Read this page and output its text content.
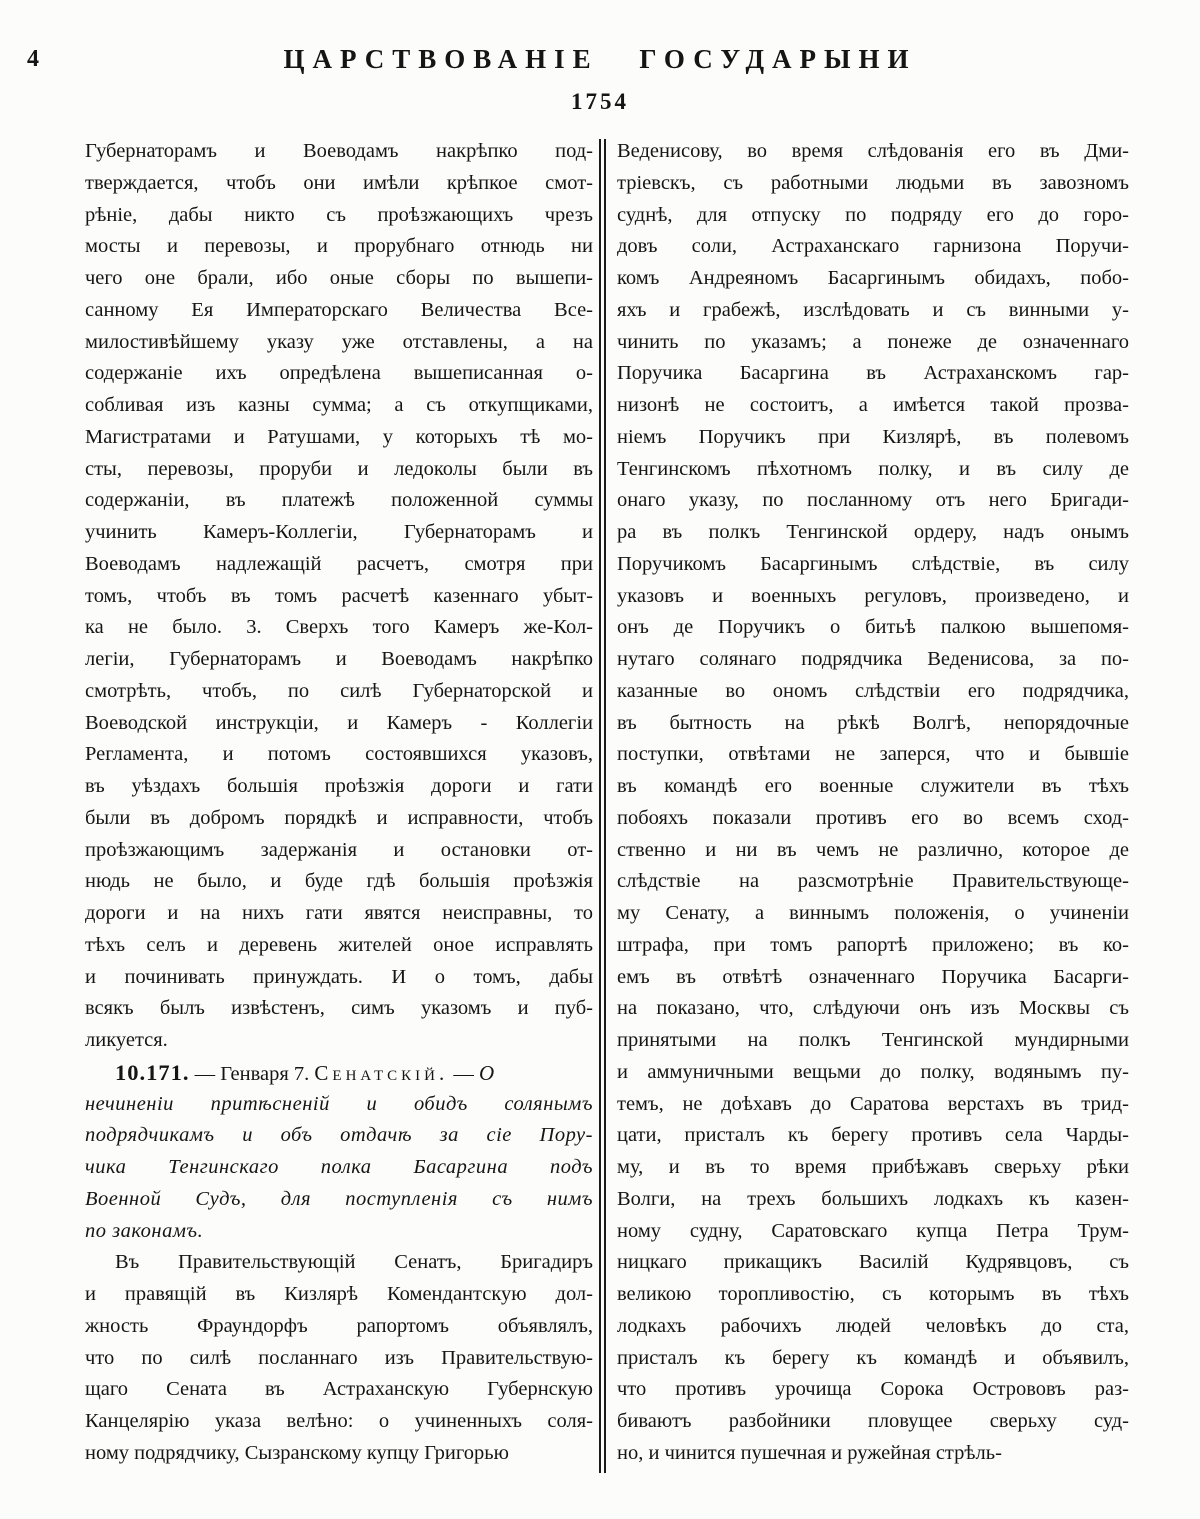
4	ЦАРСТВОВАНІЕ ГОСУДАРЫНИ
1754
Губернаторамъ и Воеводамъ накрѣпко под-
тверждается, чтобъ они имѣли крѣпкое смот-
рѣніе, дабы никто съ проѣзжающихъ чрезъ
мосты и перевозы, и прорубнаго отнюдь ни
чего оне брали, ибо оные сборы по вышепи-
санному Ея Императорскаго Величества Все-
милостивѣйшему указу уже отставлены, а на
содержаніе ихъ опредѣлена вышеписанная о-
собливая изъ казны сумма; а съ откупщиками,
Магистратами и Ратушами, у которыхъ тѣ мо-
сты, перевозы, проруби и ледоколы были въ
содержаніи, въ платежѣ положенной суммы
учинить Камеръ-Коллегіи, Губернаторамъ и
Воеводамъ надлежащій расчетъ, смотря при
томъ, чтобъ въ томъ расчетѣ казеннаго убыт-
ка не было. 3. Сверхъ того Камеръ же-Кол-
легіи, Губернаторамъ и Воеводамъ накрѣпко
смотрѣть, чтобъ, по силѣ Губернаторской и
Воеводской инструкціи, и Камеръ - Коллегіи
Регламента, и потомъ состоявшихся указовъ,
въ уѣздахъ большія проѣзжія дороги и гати
были въ добромъ порядкѣ и исправности, чтобъ
проѣзжающимъ задержанія и остановки от-
нюдь не было, и буде гдѣ большія проѣзжія
дороги и на нихъ гати явятся неисправны, то
тѣхъ селъ и деревень жителей оное исправлять
и починивать принуждать. И о томъ, дабы
всякъ былъ извѣстенъ, симъ указомъ и пуб-
ликуется.
10.171. — Генваря 7. Сенатскій. — О
нечиненіи притѣсненій и обидъ солянымъ
подрядчикамъ и объ отдачѣ за сіе Пору-
чика Тенгинскаго полка Басаргина подъ
Военной Судъ, для поступленія съ нимъ
по законамъ.
Въ Правительствующій Сенатъ, Бригадиръ
и правящій въ Кизлярѣ Комендантскую дол-
жность Фраундорфъ рапортомъ объявлялъ,
что по силѣ посланнаго изъ Правительствую-
щаго Сената въ Астраханскую Губернскую
Канцелярію указа велѣно: о учиненныхъ соля-
ному подрядчику, Сызранскому купцу Григорью
Веденисову, во время слѣдованія его въ Дми-
тріевскъ, съ работными людьми въ завозномъ
суднѣ, для отпуску по подряду его до горо-
довъ соли, Астраханскаго гарнизона Поручи-
комъ Андреяномъ Басаргинымъ обидахъ, побо-
яхъ и грабежѣ, изслѣдовать и съ винными у-
чинить по указамъ; а понеже де означеннаго
Поручика Басаргина въ Астраханскомъ гар-
низонѣ не состоитъ, а имѣется такой прозва-
ніемъ Поручикъ при Кизлярѣ, въ полевомъ
Тенгинскомъ пѣхотномъ полку, и въ силу де
онаго указу, по посланному отъ него Бригади-
ра въ полкъ Тенгинской ордеру, надъ онымъ
Поручикомъ Басаргинымъ слѣдствіе, въ силу
указовъ и военныхъ регуловъ, произведено, и
онъ де Поручикъ о битьѣ палкою вышепомя-
нутаго солянаго подрядчика Веденисова, за по-
казанные во ономъ слѣдствіи его подрядчика,
въ бытность на рѣкѣ Волгѣ, непорядочные
поступки, отвѣтами не заперся, что и бывшіе
въ командѣ его военные служители въ тѣхъ
побояхъ показали противъ его во всемъ сход-
ственно и ни въ чемъ не различно, которое де
слѣдствіе на разсмотрѣніе Правительствующе-
му Сенату, а виннымъ положенія, о учиненіи
штрафа, при томъ рапортѣ приложено; въ ко-
емъ въ отвѣтѣ означеннаго Поручика Басарги-
на показано, что, слѣдуючи онъ изъ Москвы съ
принятыми на полкъ Тенгинской мундирными
и аммуничными вещьми до полку, водянымъ пу-
темъ, не доѣхавъ до Саратова верстахъ въ трид-
цати, присталъ къ берегу противъ села Чарды-
му, и въ то время прибѣжавъ сверьху рѣки
Волги, на трехъ большихъ лодкахъ къ казен-
ному судну, Саратовскаго купца Петра Трум-
ницкаго прикащикъ Василій Кудрявцовъ, съ
великою торопливостію, съ которымъ въ тѣхъ
лодкахъ рабочихъ людей человѣкъ до ста,
присталъ къ берегу къ командѣ и объявилъ,
что противъ урочища Сорока Острововъ раз-
биваютъ разбойники пловущее сверьху суд-
но, и чинится пушечная и ружейная стрѣль-
